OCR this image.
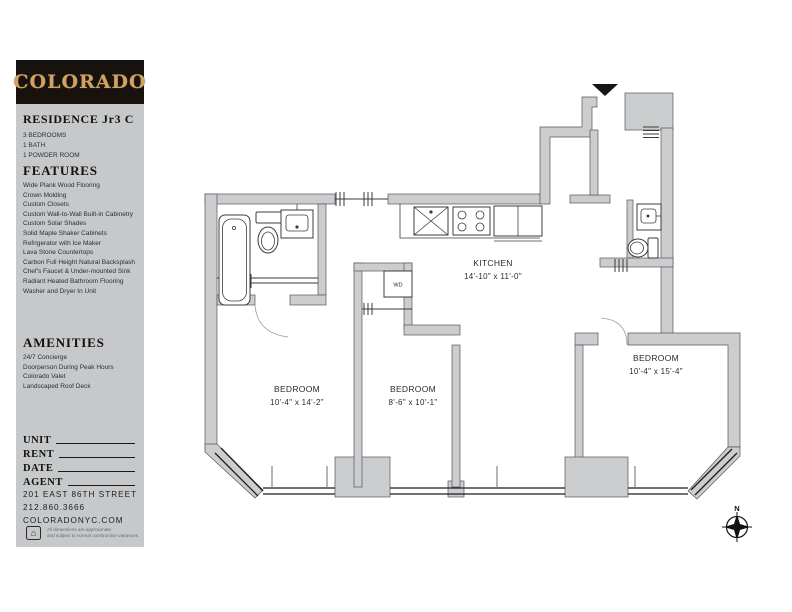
COLORADO
RESIDENCE Jr3 C
3 BEDROOMS
1 BATH
1 POWDER ROOM
FEATURES
Wide Plank Wood Flooring
Crown Molding
Custom Closets
Custom Wall-to-Wall Built-in Cabinetry
Custom Solar Shades
Solid Maple Shaker Cabinets
Refrigerator with Ice Maker
Lava Stone Countertops
Carbon Full Height Natural Backsplash
Chef's Faucet & Under-mounted Sink
Radiant Heated Bathroom Flooring
Washer and Dryer In Unit
AMENITIES
24/7 Concierge
Doorperson During Peak Hours
Colorado Valet
Landscaped Roof Deck
UNIT
RENT
DATE
AGENT
201 EAST 86TH STREET
212.860.3666
COLORADONYC.COM
⌂	All dimensions are approximate
and subject to normal construction variances.
WD
KITCHEN
14'-10" x 11'-0"
BEDROOM
10'-4" x 14'-2"
BEDROOM
8'-6" x 10'-1"
BEDROOM
10'-4" x 15'-4"
N
